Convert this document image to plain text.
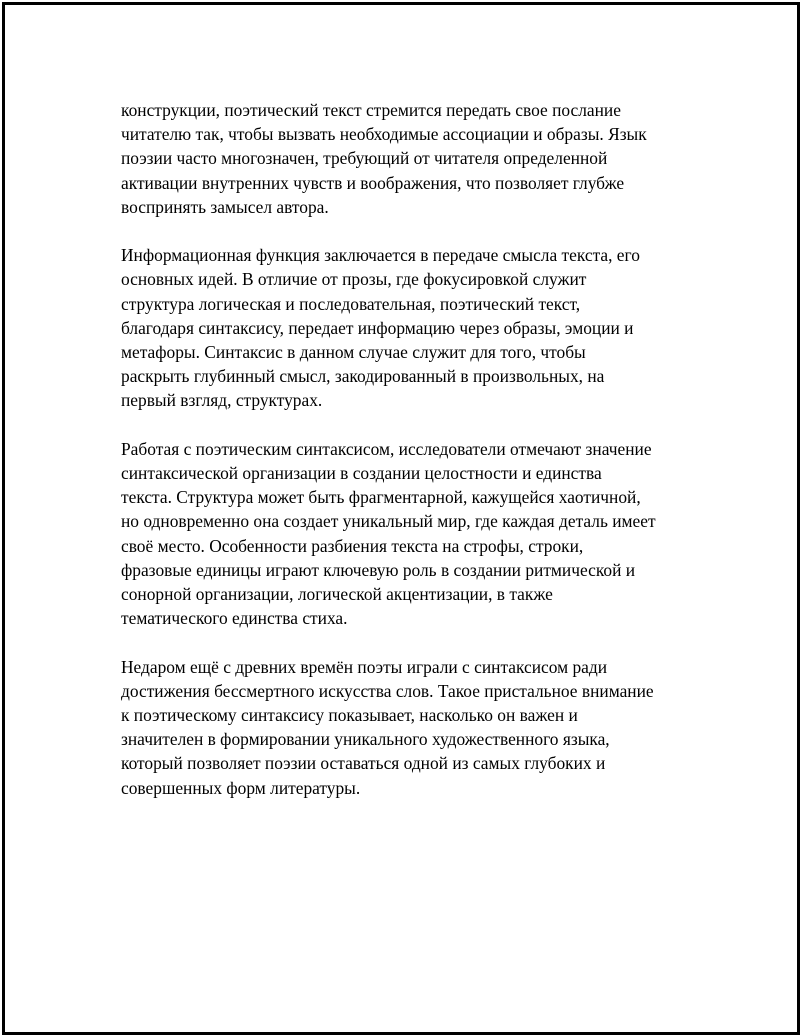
конструкции, поэтический текст стремится передать свое послание
читателю так, чтобы вызвать необходимые ассоциации и образы. Язык
поэзии часто многозначен, требующий от читателя определенной
активации внутренних чувств и воображения, что позволяет глубже
воспринять замысел автора.

Информационная функция заключается в передаче смысла текста, его
основных идей. В отличие от прозы, где фокусировкой служит
структура логическая и последовательная, поэтический текст,
благодаря синтаксису, передает информацию через образы, эмоции и
метафоры. Синтаксис в данном случае служит для того, чтобы
раскрыть глубинный смысл, закодированный в произвольных, на
первый взгляд, структурах.

Работая с поэтическим синтаксисом, исследователи отмечают значение
синтаксической организации в создании целостности и единства
текста. Структура может быть фрагментарной, кажущейся хаотичной,
но одновременно она создает уникальный мир, где каждая деталь имеет
своё место. Особенности разбиения текста на строфы, строки,
фразовые единицы играют ключевую роль в создании ритмической и
сонорной организации, логической акцентизации, в также
тематического единства стиха.

Недаром ещё с древних времён поэты играли с синтаксисом ради
достижения бессмертного искусства слов. Такое пристальное внимание
к поэтическому синтаксису показывает, насколько он важен и
значителен в формировании уникального художественного языка,
который позволяет поэзии оставаться одной из самых глубоких и
совершенных форм литературы.
